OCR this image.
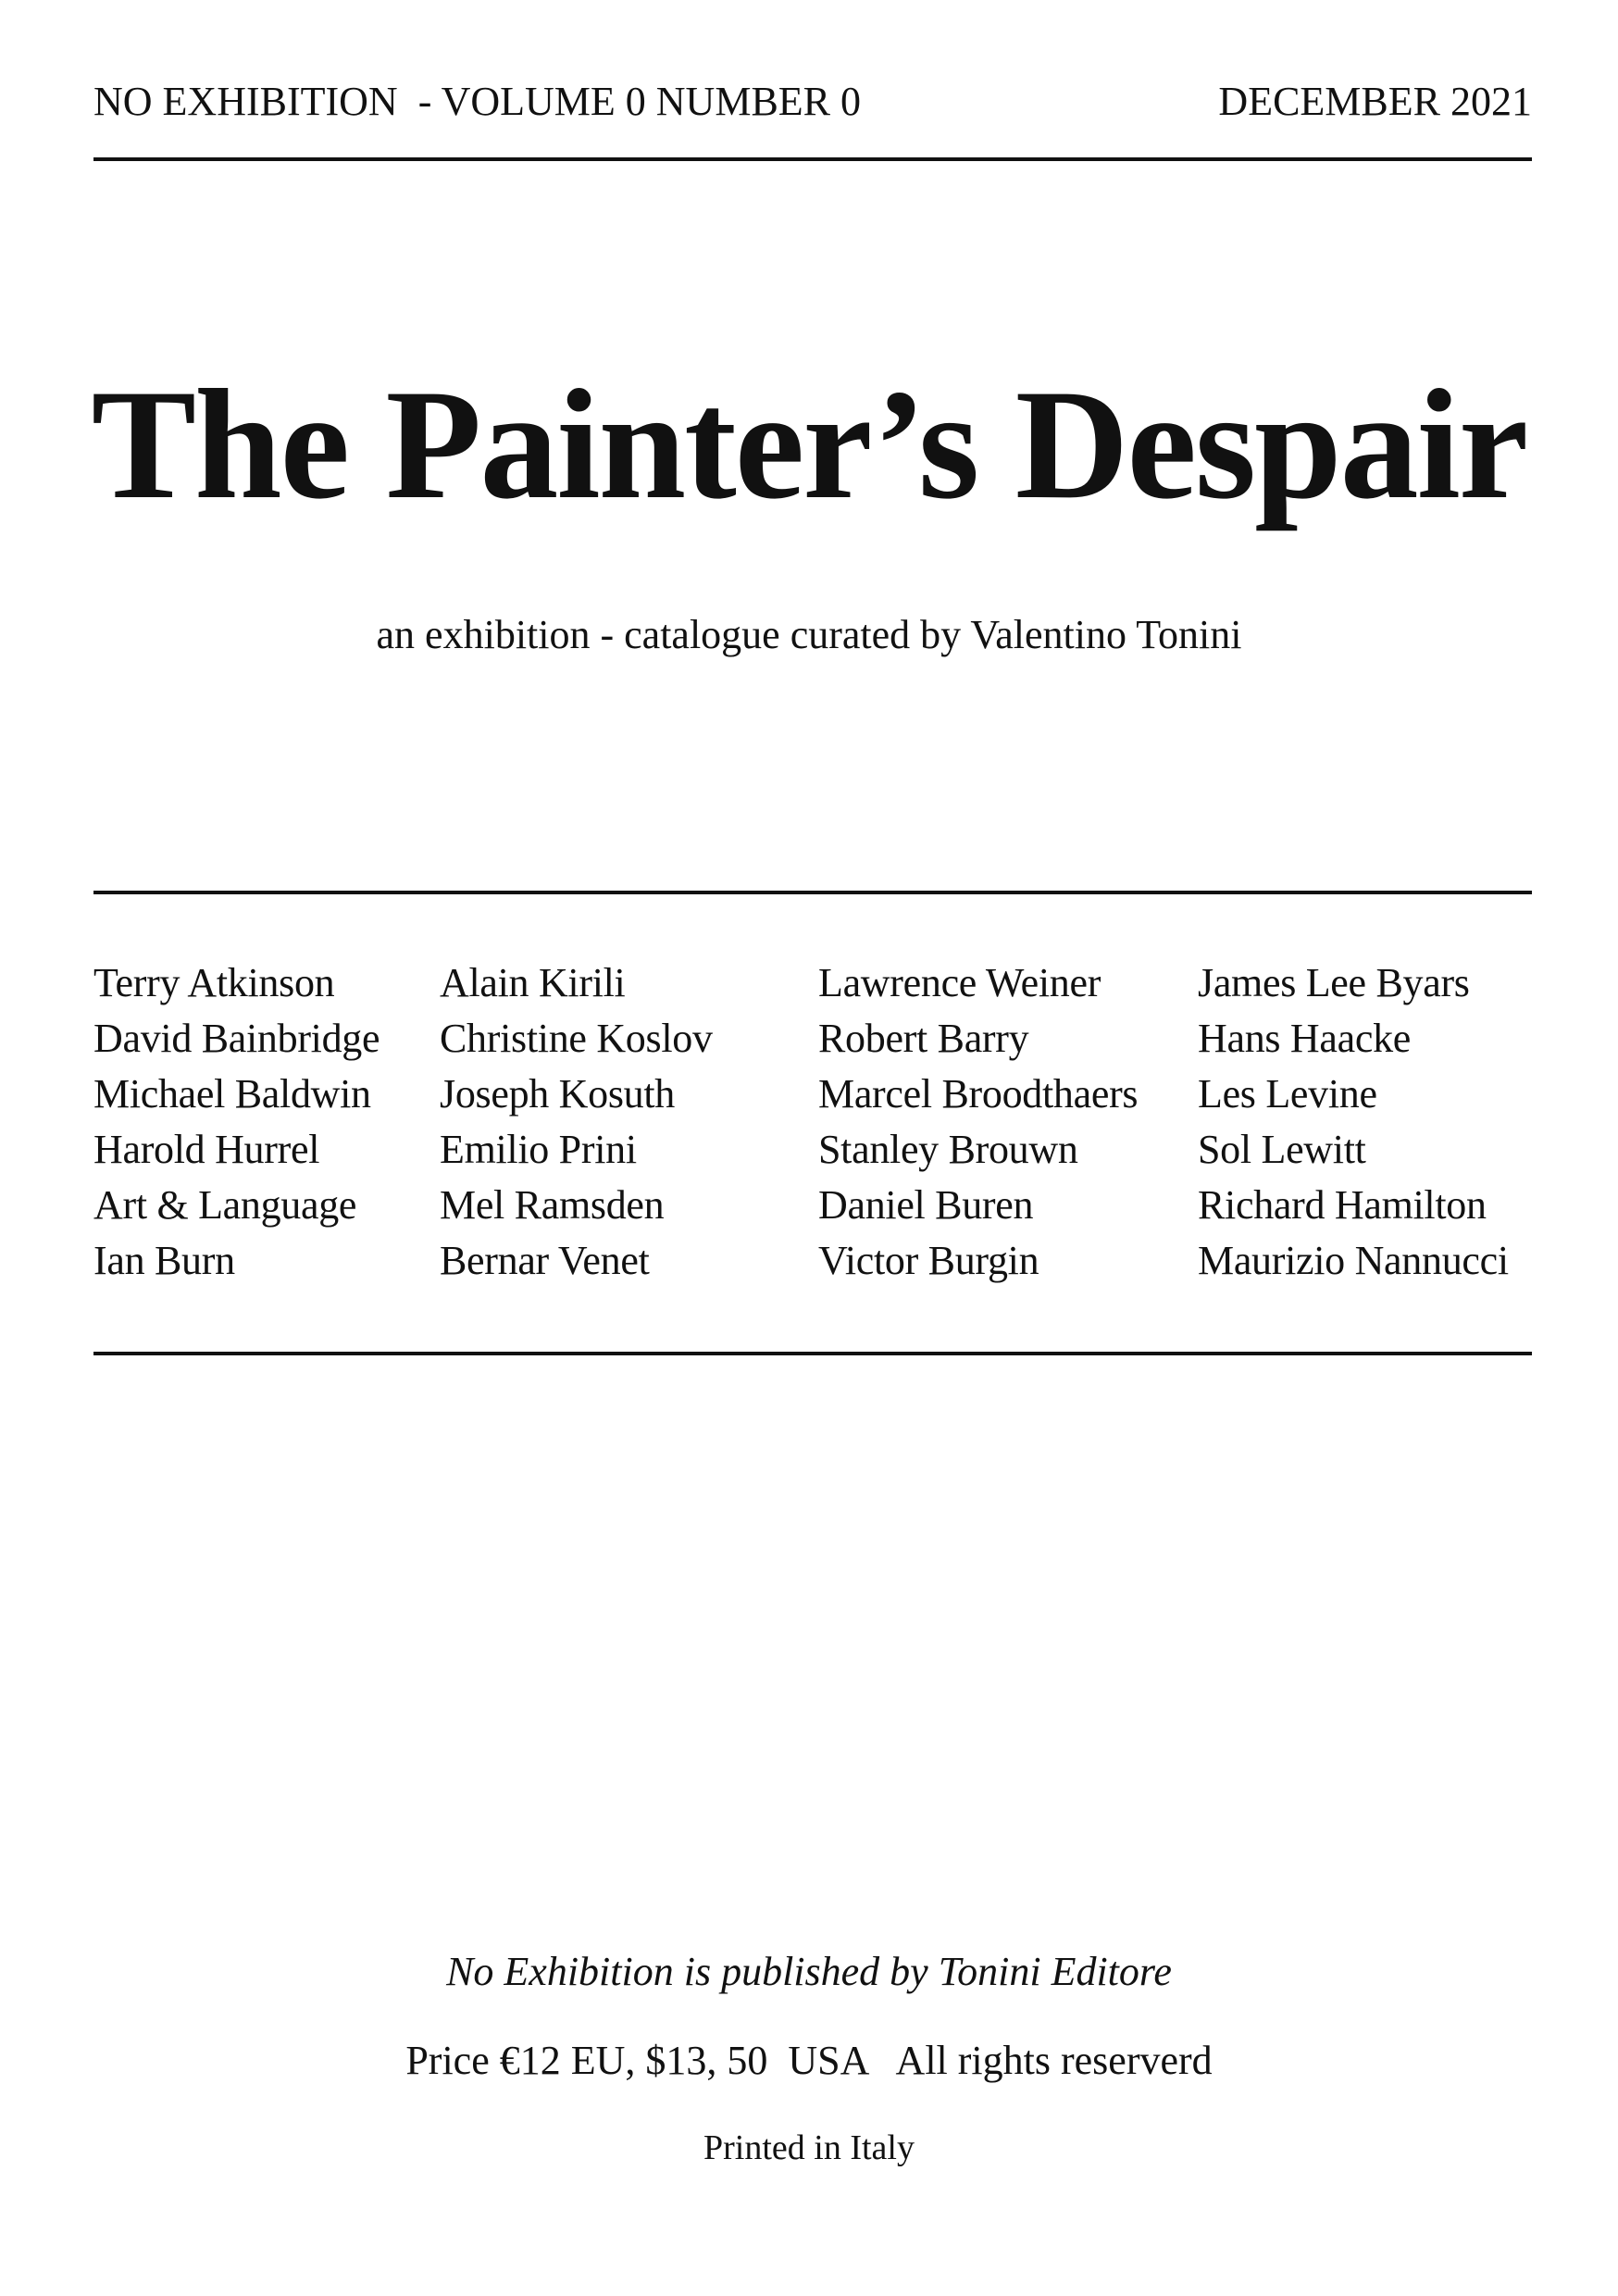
NO EXHIBITION  - VOLUME 0 NUMBER 0	DECEMBER 2021
The Painter’s Despair
an exhibition - catalogue curated by Valentino Tonini
Terry Atkinson
David Bainbridge
Michael Baldwin
Harold Hurrel
Art & Language
Ian Burn
Alain Kirili
Christine Koslov
Joseph Kosuth
Emilio Prini
Mel Ramsden
Bernar Venet
Lawrence Weiner
Robert Barry
Marcel Broodthaers
Stanley Brouwn
Daniel Buren
Victor Burgin
James Lee Byars
Hans Haacke
Les Levine
Sol Lewitt
Richard Hamilton
Maurizio Nannucci
No Exhibition is published by Tonini Editore
Price €12 EU, $13, 50  USA   All rights reserverd
Printed in Italy
